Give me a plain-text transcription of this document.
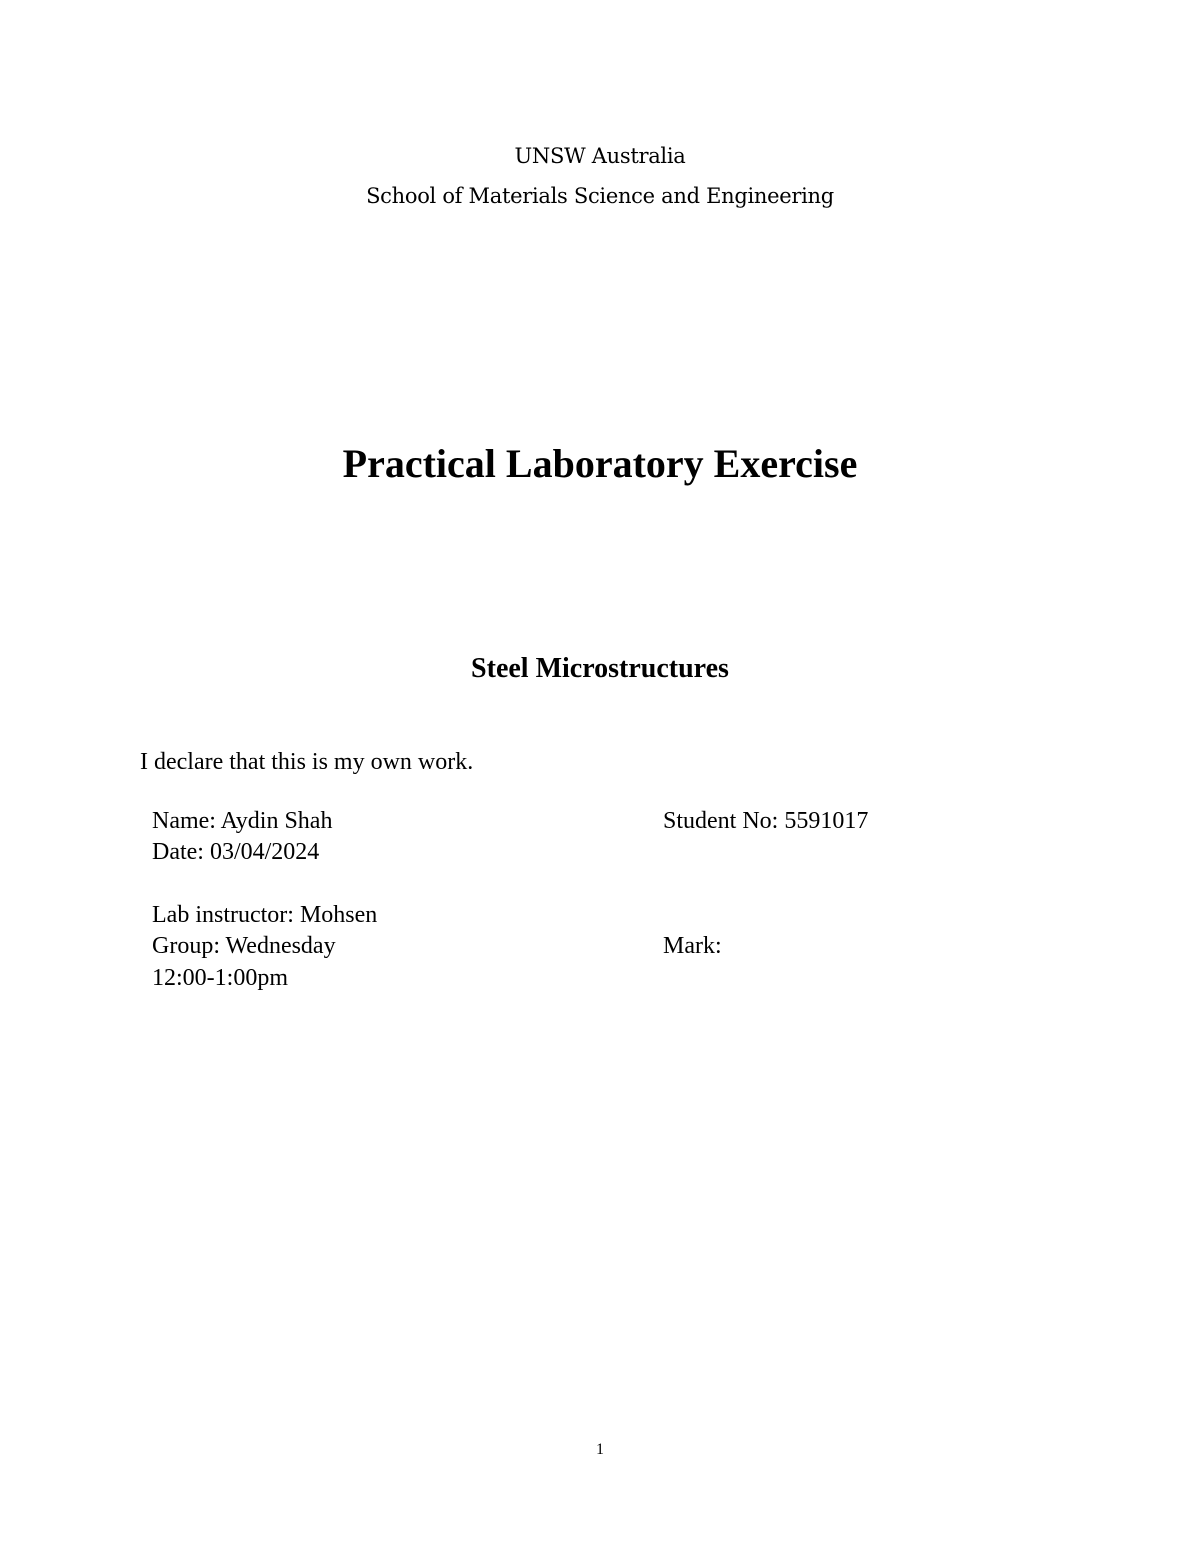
UNSW Australia
School of Materials Science and Engineering
Practical Laboratory Exercise
Steel Microstructures
I declare that this is my own work.
Name: Aydin Shah	Student No: 5591017
Date: 03/04/2024
Lab instructor: Mohsen
Group: Wednesday	Mark:
12:00-1:00pm
1
